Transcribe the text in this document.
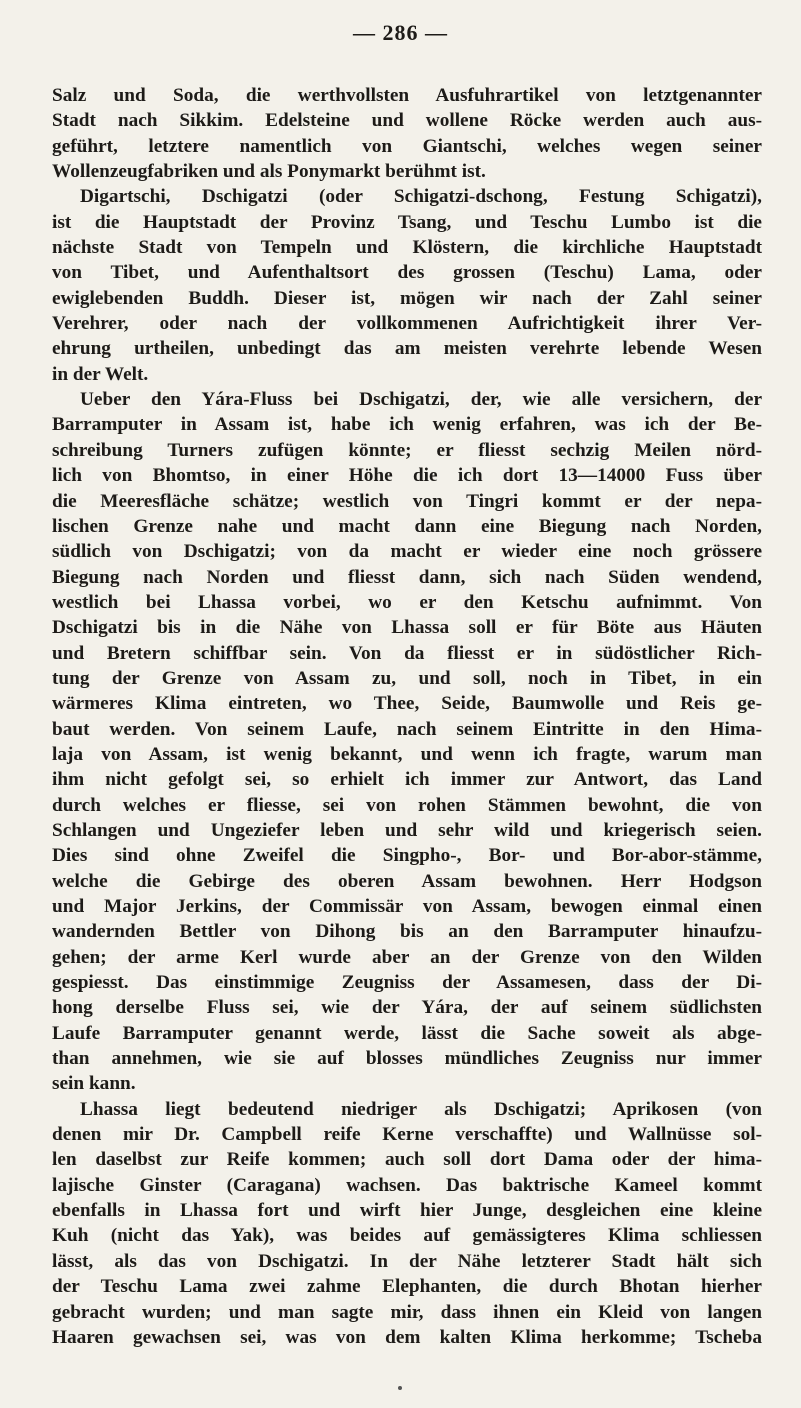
— 286 —
Salz und Soda, die werthvollsten Ausfuhrartikel von letztgenannter
Stadt nach Sikkim. Edelsteine und wollene Röcke werden auch aus-
geführt, letztere namentlich von Giantschi, welches wegen seiner
Wollenzeugfabriken und als Ponymarkt berühmt ist.
Digartschi, Dschigatzi (oder Schigatzi-dschong, Festung Schigatzi),
ist die Hauptstadt der Provinz Tsang, und Teschu Lumbo ist die
nächste Stadt von Tempeln und Klöstern, die kirchliche Hauptstadt
von Tibet, und Aufenthaltsort des grossen (Teschu) Lama, oder
ewiglebenden Buddh. Dieser ist, mögen wir nach der Zahl seiner
Verehrer, oder nach der vollkommenen Aufrichtigkeit ihrer Ver-
ehrung urtheilen, unbedingt das am meisten verehrte lebende Wesen
in der Welt.
Ueber den Yára-Fluss bei Dschigatzi, der, wie alle versichern, der
Barramputer in Assam ist, habe ich wenig erfahren, was ich der Be-
schreibung Turners zufügen könnte; er fliesst sechzig Meilen nörd-
lich von Bhomtso, in einer Höhe die ich dort 13—14000 Fuss über
die Meeresfläche schätze; westlich von Tingri kommt er der nepa-
lischen Grenze nahe und macht dann eine Biegung nach Norden,
südlich von Dschigatzi; von da macht er wieder eine noch grössere
Biegung nach Norden und fliesst dann, sich nach Süden wendend,
westlich bei Lhassa vorbei, wo er den Ketschu aufnimmt. Von
Dschigatzi bis in die Nähe von Lhassa soll er für Böte aus Häuten
und Bretern schiffbar sein. Von da fliesst er in südöstlicher Rich-
tung der Grenze von Assam zu, und soll, noch in Tibet, in ein
wärmeres Klima eintreten, wo Thee, Seide, Baumwolle und Reis ge-
baut werden. Von seinem Laufe, nach seinem Eintritte in den Hima-
laja von Assam, ist wenig bekannt, und wenn ich fragte, warum man
ihm nicht gefolgt sei, so erhielt ich immer zur Antwort, das Land
durch welches er fliesse, sei von rohen Stämmen bewohnt, die von
Schlangen und Ungeziefer leben und sehr wild und kriegerisch seien.
Dies sind ohne Zweifel die Singpho-, Bor- und Bor-abor-stämme,
welche die Gebirge des oberen Assam bewohnen. Herr Hodgson
und Major Jerkins, der Commissär von Assam, bewogen einmal einen
wandernden Bettler von Dihong bis an den Barramputer hinaufzu-
gehen; der arme Kerl wurde aber an der Grenze von den Wilden
gespiesst. Das einstimmige Zeugniss der Assamesen, dass der Di-
hong derselbe Fluss sei, wie der Yára, der auf seinem südlichsten
Laufe Barramputer genannt werde, lässt die Sache soweit als abge-
than annehmen, wie sie auf blosses mündliches Zeugniss nur immer
sein kann.
Lhassa liegt bedeutend niedriger als Dschigatzi; Aprikosen (von
denen mir Dr. Campbell reife Kerne verschaffte) und Wallnüsse sol-
len daselbst zur Reife kommen; auch soll dort Dama oder der hima-
lajische Ginster (Caragana) wachsen. Das baktrische Kameel kommt
ebenfalls in Lhassa fort und wirft hier Junge, desgleichen eine kleine
Kuh (nicht das Yak), was beides auf gemässigteres Klima schliessen
lässt, als das von Dschigatzi. In der Nähe letzterer Stadt hält sich
der Teschu Lama zwei zahme Elephanten, die durch Bhotan hierher
gebracht wurden; und man sagte mir, dass ihnen ein Kleid von langen
Haaren gewachsen sei, was von dem kalten Klima herkomme; Tscheba
